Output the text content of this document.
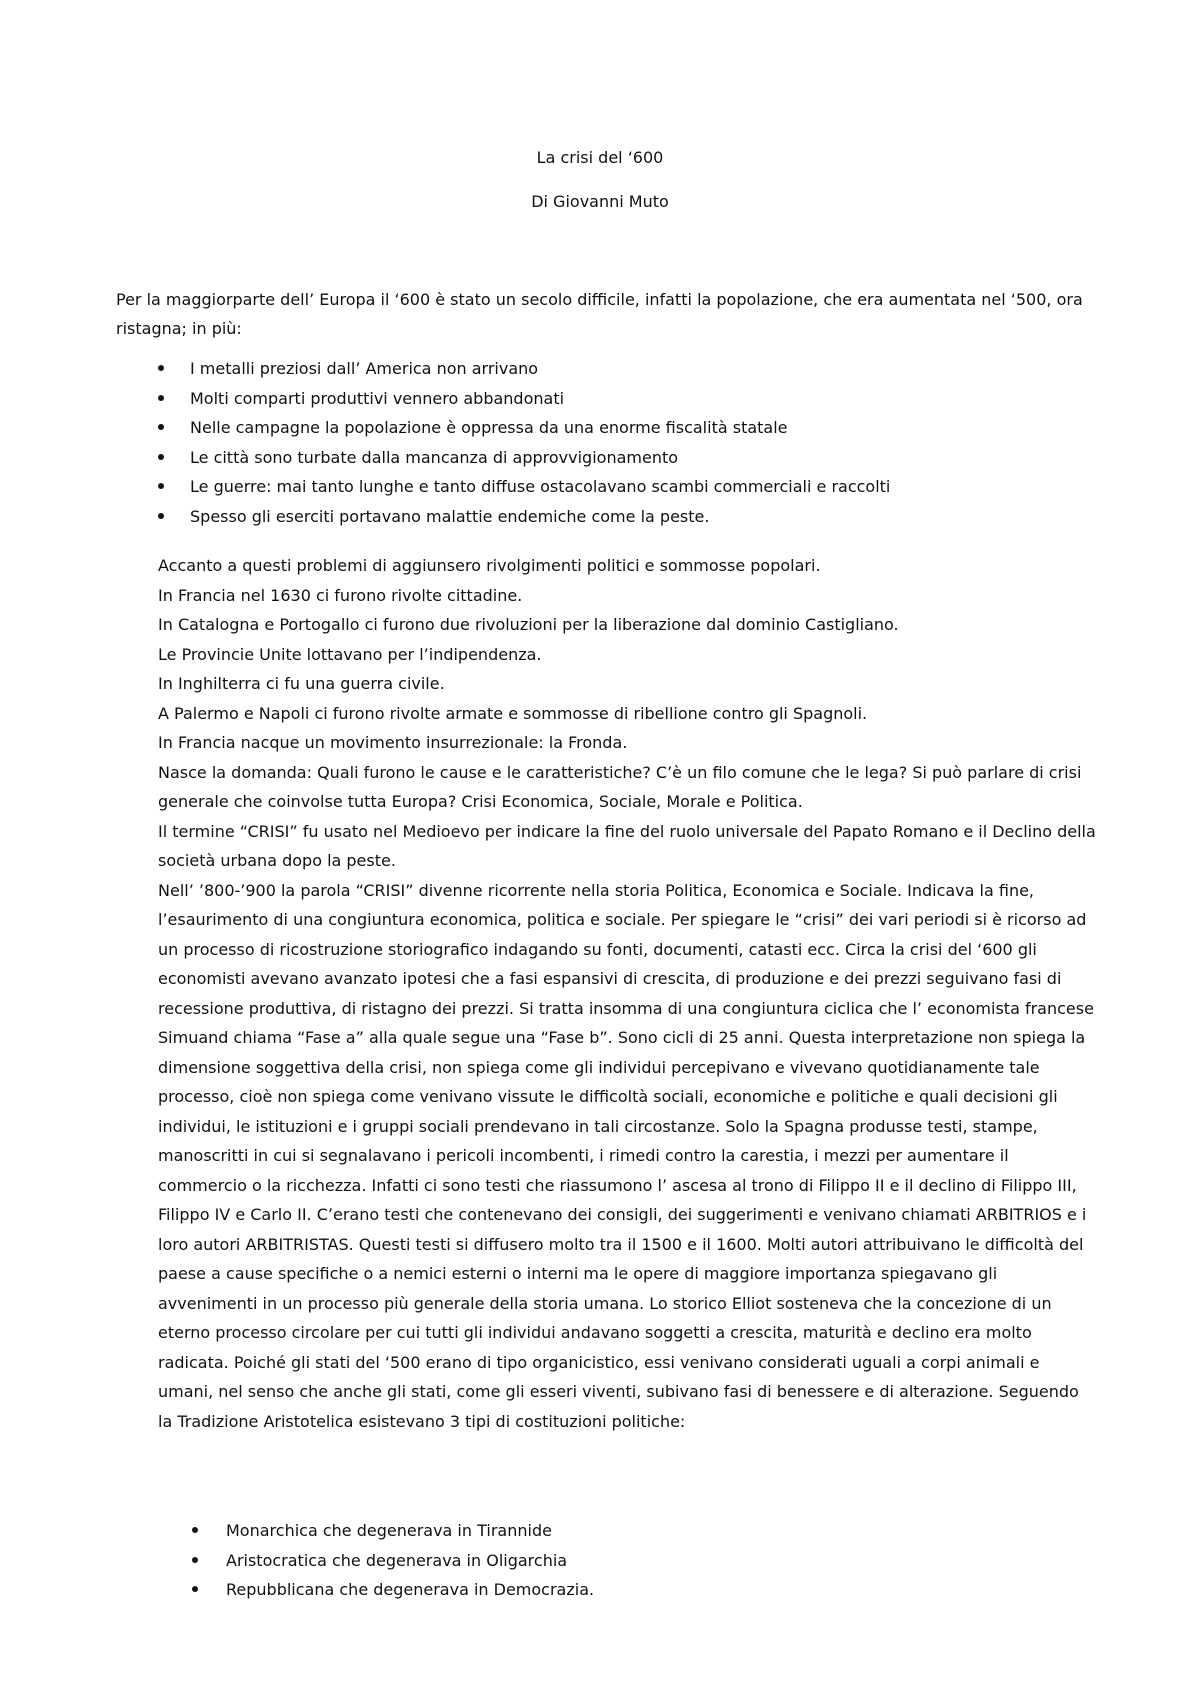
La crisi del ‘600
Di Giovanni Muto

Per la maggiorparte dell’ Europa il ‘600 è stato un secolo difficile, infatti la popolazione, che era aumentata nel ‘500, ora ristagna; in più:

I metalli preziosi dall’ America non arrivano
Molti comparti produttivi vennero abbandonati
Nelle campagne la popolazione è oppressa da una enorme fiscalità statale
Le città sono turbate dalla mancanza di approvvigionamento
Le guerre: mai tanto lunghe e tanto diffuse ostacolavano scambi commerciali e raccolti
Spesso gli eserciti portavano malattie endemiche come la peste.

Accanto a questi problemi di aggiunsero rivolgimenti politici e sommosse popolari.

In Francia nel 1630 ci furono rivolte cittadine.

In Catalogna e Portogallo ci furono due rivoluzioni per la liberazione dal dominio Castigliano.

Le Provincie Unite lottavano per l’indipendenza.

In Inghilterra ci fu una guerra civile.

A Palermo e Napoli ci furono rivolte armate e sommosse di ribellione contro gli Spagnoli.

In Francia nacque un movimento insurrezionale: la Fronda.

Nasce la domanda: Quali furono le cause e le caratteristiche? C’è un filo comune che le lega? Si può parlare di crisi generale che coinvolse tutta Europa? Crisi Economica, Sociale, Morale e Politica.

Il termine “CRISI” fu usato nel Medioevo per indicare la fine del ruolo universale del Papato Romano e il Declino della società urbana dopo la peste.

Nell’ ’800-’900 la parola “CRISI” divenne ricorrente nella storia Politica, Economica e Sociale. Indicava la fine, l’esaurimento di una congiuntura economica, politica e sociale. Per spiegare le “crisi” dei vari periodi si è ricorso ad un processo di ricostruzione storiografico indagando su fonti, documenti, catasti ecc. Circa la crisi del ‘600 gli economisti avevano avanzato ipotesi che a fasi espansivi di crescita, di produzione e dei prezzi seguivano fasi di recessione produttiva, di ristagno dei prezzi. Si tratta insomma di una congiuntura ciclica che l’ economista francese Simuand chiama “Fase a” alla quale segue una “Fase b”. Sono cicli di 25 anni. Questa interpretazione non spiega la dimensione soggettiva della crisi, non spiega come gli individui percepivano e vivevano quotidianamente tale processo, cioè non spiega come venivano vissute le difficoltà sociali, economiche e politiche e quali decisioni gli individui, le istituzioni e i gruppi sociali prendevano in tali circostanze. Solo la Spagna produsse testi, stampe, manoscritti in cui si segnalavano i pericoli incombenti, i rimedi contro la carestia, i mezzi per aumentare il commercio o la ricchezza. Infatti ci sono testi che riassumono l’ ascesa al trono di Filippo II e il declino di Filippo III, Filippo IV e Carlo II. C’erano testi che contenevano dei consigli, dei suggerimenti e venivano chiamati ARBITRIOS e i loro autori ARBITRISTAS. Questi testi si diffusero molto tra il 1500 e il 1600. Molti autori attribuivano le difficoltà del paese a cause specifiche o a nemici esterni o interni ma le opere di maggiore importanza spiegavano gli avvenimenti in un processo più generale della storia umana. Lo storico Elliot sosteneva che la concezione di un eterno processo circolare per cui tutti gli individui andavano soggetti a crescita, maturità e declino era molto radicata. Poiché gli stati del ‘500 erano di tipo organicistico, essi venivano considerati uguali a corpi animali e umani, nel senso che anche gli stati, come gli esseri viventi, subivano fasi di benessere e di alterazione. Seguendo la Tradizione Aristotelica esistevano 3 tipi di costituzioni politiche:

Monarchica che degenerava in Tirannide
Aristocratica che degenerava in Oligarchia
Repubblicana che degenerava in Democrazia.
